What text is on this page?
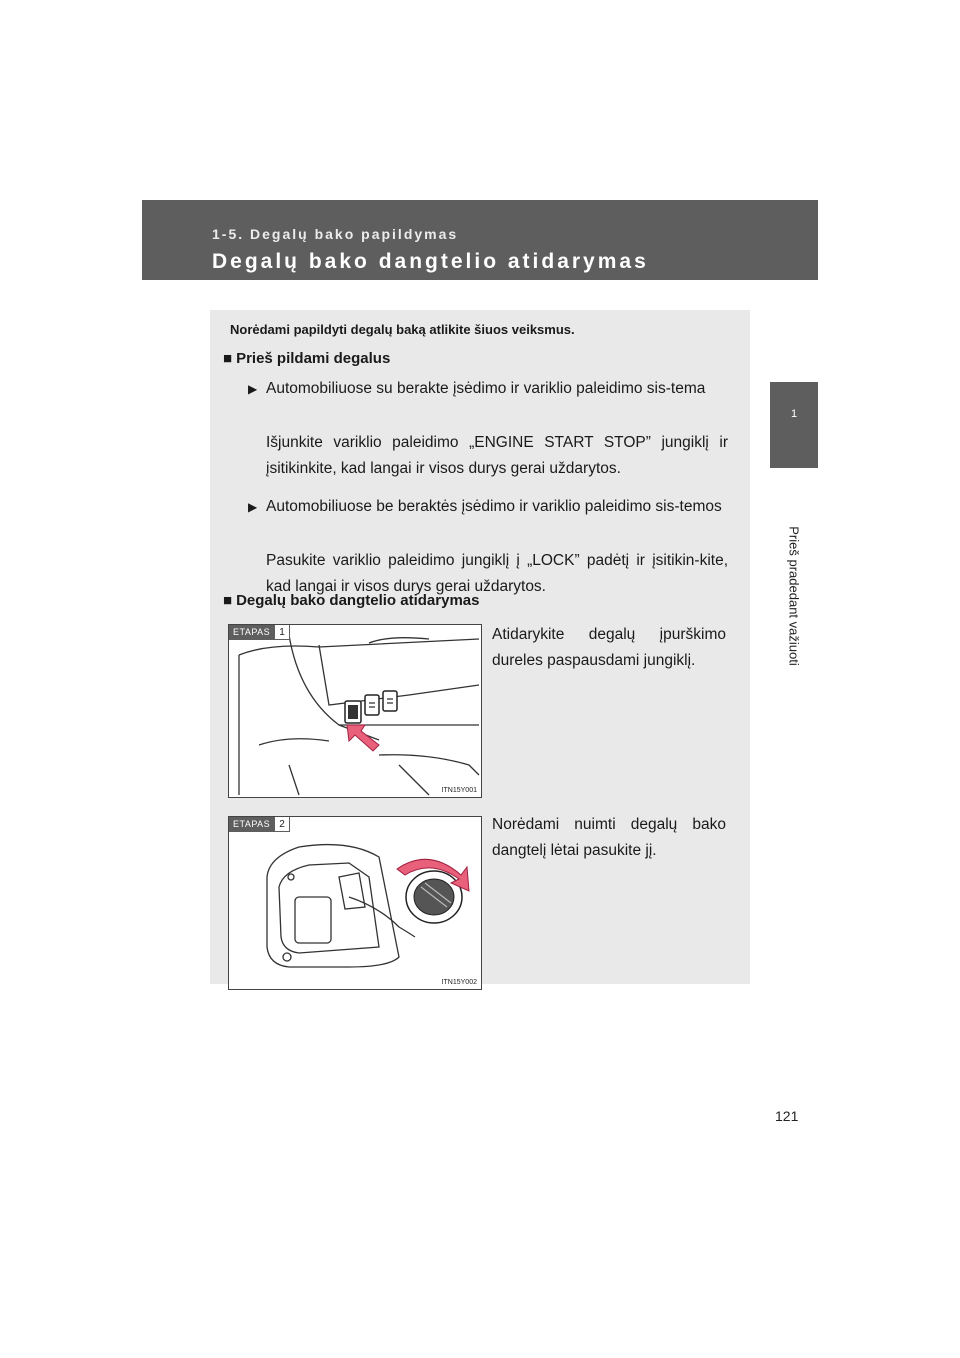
1-5. Degalų bako papildymas
Degalų bako dangtelio atidarymas
1
Prieš pradedant važiuoti
Norėdami papildyti degalų baką atlikite šiuos veiksmus.
■ Prieš pildami degalus
▶ Automobiliuose su berakte įsėdimo ir variklio paleidimo sis-tema
Išjunkite variklio paleidimo „ENGINE START STOP” jungiklį ir įsitikinkite, kad langai ir visos durys gerai uždarytos.
▶ Automobiliuose be beraktės įsėdimo ir variklio paleidimo sis-temos
Pasukite variklio paleidimo jungiklį į „LOCK” padėtį ir įsitikin-kite, kad langai ir visos durys gerai uždarytos.
■ Degalų bako dangtelio atidarymas
ETAPAS 1
ITN15Y001
Atidarykite degalų įpurškimo dureles paspausdami jungiklį.
ETAPAS 2
ITN15Y002
Norėdami nuimti degalų bako dangtelį lėtai pasukite jį.
121
